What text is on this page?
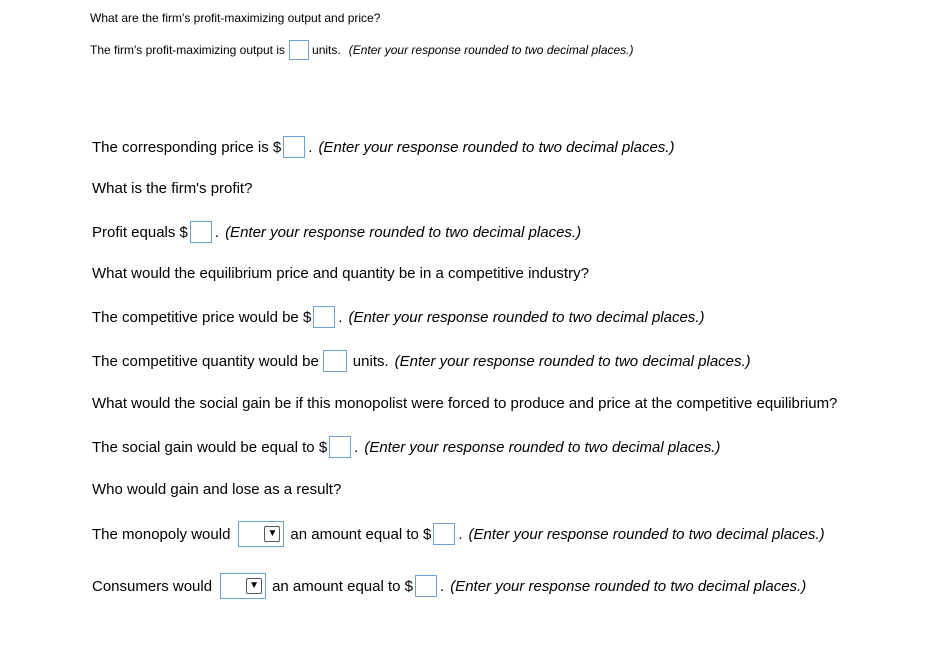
What are the firm's profit-maximizing output and price?
The firm's profit-maximizing output is units. (Enter your response rounded to two decimal places.)
The corresponding price is $ . (Enter your response rounded to two decimal places.)
What is the firm's profit?
Profit equals $ . (Enter your response rounded to two decimal places.)
What would the equilibrium price and quantity be in a competitive industry?
The competitive price would be $ . (Enter your response rounded to two decimal places.)
The competitive quantity would be units. (Enter your response rounded to two decimal places.)
What would the social gain be if this monopolist were forced to produce and price at the competitive equilibrium?
The social gain would be equal to $ . (Enter your response rounded to two decimal places.)
Who would gain and lose as a result?
The monopoly would	▼ an amount equal to $ . (Enter your response rounded to two decimal places.)
Consumers would	▼ an amount equal to $ . (Enter your response rounded to two decimal places.)
